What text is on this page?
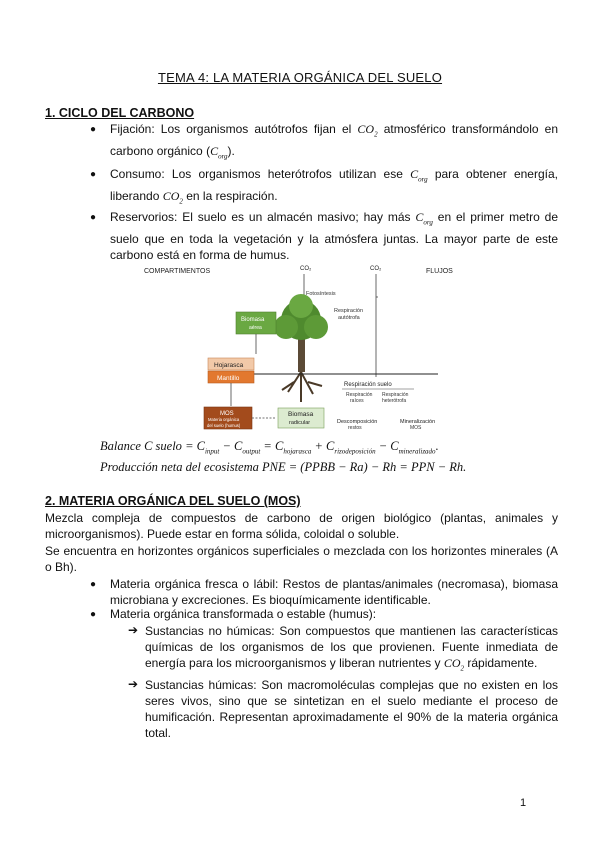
TEMA 4: LA MATERIA ORGÁNICA DEL SUELO
1. CICLO DEL CARBONO
● Fijación: Los organismos autótrofos fijan el $CO_2$ atmosférico transformándolo en
carbono orgánico $(C_{org})$.
● Consumo: Los organismos heterótrofos utilizan ese $C_{org}$ para obtener energía,
liberando $CO_2$ en la respiración.
● Reservorios: El suelo es un almacén masivo; hay más $C_{org}$ en el primer metro de
suelo que en toda la vegetación y la atmósfera juntas. La mayor parte de este
carbono está en forma de humus.
COMPARTIMENTOS	FLUJOS
CO₂	CO₂
Fotosíntesis
Respiración
autótrofa
Biomasa
aérea
Hojarasca
Mantillo
MOS
Materia orgánica
del suelo (humus)
Biomasa
radicular
Respiración suelo
Respiración
raíces
Respiración
heterótrofa
Descomposición
restos
Mineralización
MOS
Balance C suelo = $C_{input} - C_{output} = C_{hojarasca} + C_{rizodeposición} - C_{mineralizado}$.
Producción neta del ecosistema PNE = (PPBB − Ra) − Rh = PPN − Rh.
2. MATERIA ORGÁNICA DEL SUELO (MOS)
Mezcla compleja de compuestos de carbono de origen biológico (plantas, animales y
microorganismos). Puede estar en forma sólida, coloidal o soluble.
Se encuentra en horizontes orgánicos superficiales o mezclada con los horizontes minerales (A
o Bh).
● Materia orgánica fresca o lábil: Restos de plantas/animales (necromasa), biomasa
microbiana y excreciones. Es bioquímicamente identificable.
● Materia orgánica transformada o estable (humus):
➔ Sustancias no húmicas: Son compuestos que mantienen las características
químicas de los organismos de los que provienen. Fuente inmediata de
energía para los microorganismos y liberan nutrientes y $CO_2$ rápidamente.
➔ Sustancias húmicas: Son macromoléculas complejas que no existen en los
seres vivos, sino que se sintetizan en el suelo mediante el proceso de
humificación. Representan aproximadamente el 90% de la materia orgánica
total.
1
